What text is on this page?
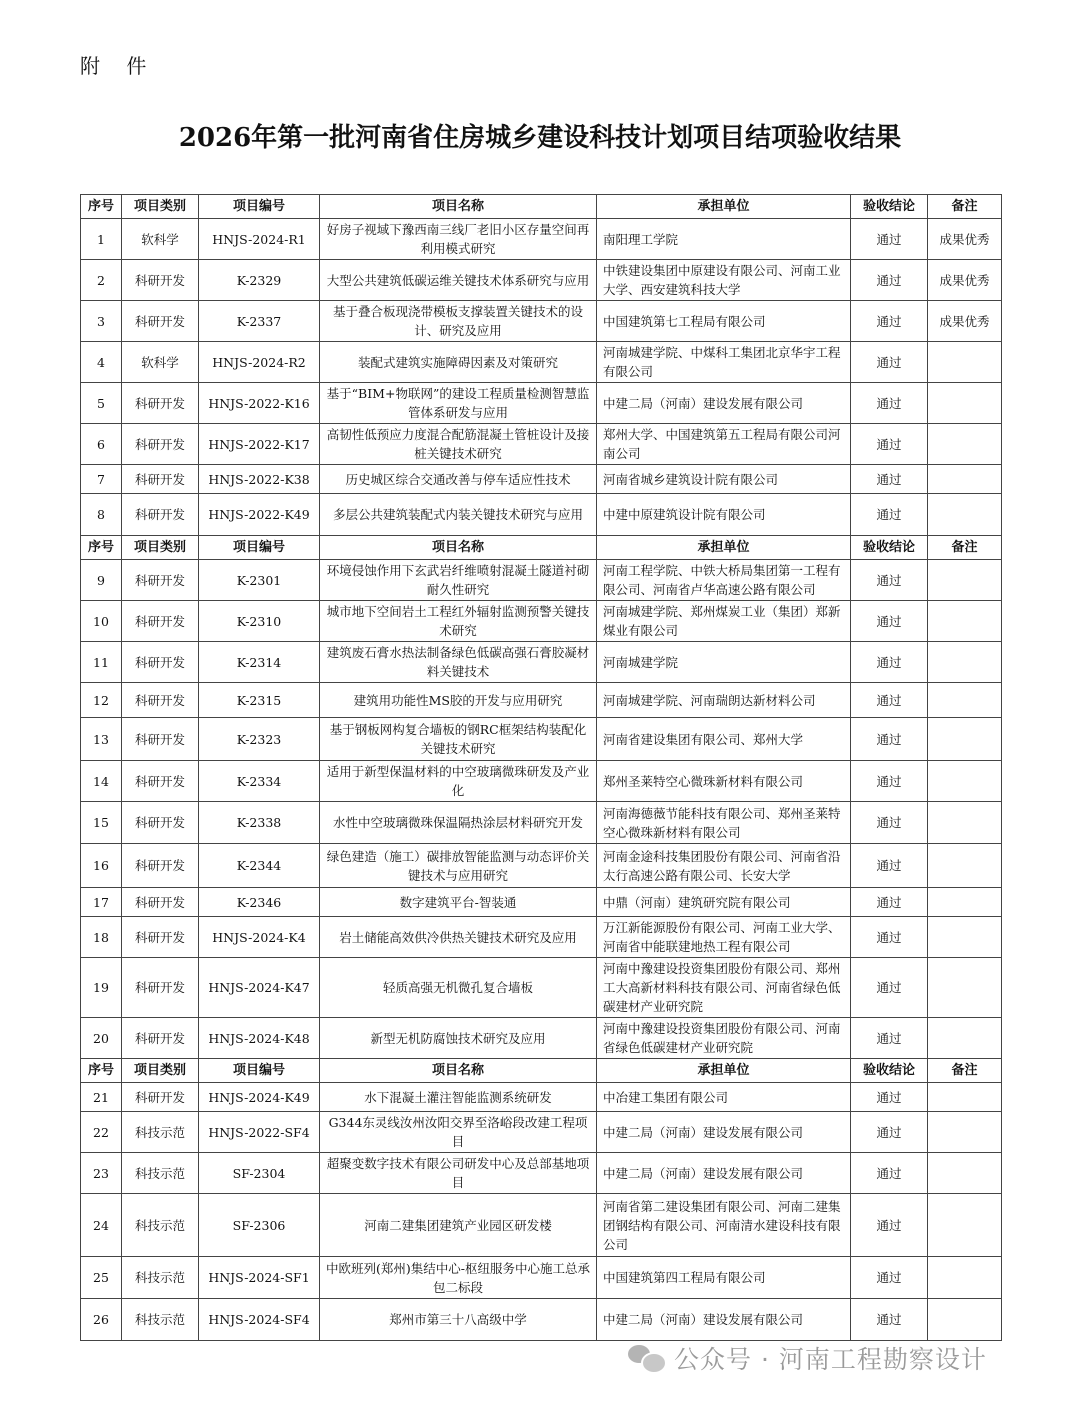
附 件
2026年第一批河南省住房城乡建设科技计划项目结项验收结果
序号	项目类别	项目编号	项目名称	承担单位	验收结论	备注
1	软科学	HNJS-2024-R1	好房子视域下豫西南三线厂老旧小区存量空间再利用模式研究	南阳理工学院	通过	成果优秀
2	科研开发	K-2329	大型公共建筑低碳运维关键技术体系研究与应用	中铁建设集团中原建设有限公司、河南工业大学、西安建筑科技大学	通过	成果优秀
3	科研开发	K-2337	基于叠合板现浇带模板支撑装置关键技术的设计、研究及应用	中国建筑第七工程局有限公司	通过	成果优秀
4	软科学	HNJS-2024-R2	装配式建筑实施障碍因素及对策研究	河南城建学院、中煤科工集团北京华宇工程有限公司	通过	
5	科研开发	HNJS-2022-K16	基于“BIM+物联网”的建设工程质量检测智慧监管体系研发与应用	中建二局（河南）建设发展有限公司	通过	
6	科研开发	HNJS-2022-K17	高韧性低预应力度混合配筋混凝土管桩设计及接桩关键技术研究	郑州大学、中国建筑第五工程局有限公司河南公司	通过	
7	科研开发	HNJS-2022-K38	历史城区综合交通改善与停车适应性技术	河南省城乡建筑设计院有限公司	通过	
8	科研开发	HNJS-2022-K49	多层公共建筑装配式内装关键技术研究与应用	中建中原建筑设计院有限公司	通过	
序号	项目类别	项目编号	项目名称	承担单位	验收结论	备注
9	科研开发	K-2301	环境侵蚀作用下玄武岩纤维喷射混凝土隧道衬砌耐久性研究	河南工程学院、中铁大桥局集团第一工程有限公司、河南省卢华高速公路有限公司	通过	
10	科研开发	K-2310	城市地下空间岩土工程红外辐射监测预警关键技术研究	河南城建学院、郑州煤炭工业（集团）郑新煤业有限公司	通过	
11	科研开发	K-2314	建筑废石膏水热法制备绿色低碳高强石膏胶凝材料关键技术	河南城建学院	通过	
12	科研开发	K-2315	建筑用功能性MS胶的开发与应用研究	河南城建学院、河南瑞朗达新材料公司	通过	
13	科研开发	K-2323	基于钢板网构复合墙板的钢RC框架结构装配化关键技术研究	河南省建设集团有限公司、郑州大学	通过	
14	科研开发	K-2334	适用于新型保温材料的中空玻璃微珠研发及产业化	郑州圣莱特空心微珠新材料有限公司	通过	
15	科研开发	K-2338	水性中空玻璃微珠保温隔热涂层材料研究开发	河南海德薇节能科技有限公司、郑州圣莱特空心微珠新材料有限公司	通过	
16	科研开发	K-2344	绿色建造（施工）碳排放智能监测与动态评价关键技术与应用研究	河南金途科技集团股份有限公司、河南省沿太行高速公路有限公司、长安大学	通过	
17	科研开发	K-2346	数字建筑平台-智装通	中鼎（河南）建筑研究院有限公司	通过	
18	科研开发	HNJS-2024-K4	岩土储能高效供冷供热关键技术研究及应用	万江新能源股份有限公司、河南工业大学、河南省中能联建地热工程有限公司	通过	
19	科研开发	HNJS-2024-K47	轻质高强无机微孔复合墙板	河南中豫建设投资集团股份有限公司、郑州工大高新材料科技有限公司、河南省绿色低碳建材产业研究院	通过	
20	科研开发	HNJS-2024-K48	新型无机防腐蚀技术研究及应用	河南中豫建设投资集团股份有限公司、河南省绿色低碳建材产业研究院	通过	
序号	项目类别	项目编号	项目名称	承担单位	验收结论	备注
21	科研开发	HNJS-2024-K49	水下混凝土灌注智能监测系统研发	中冶建工集团有限公司	通过	
22	科技示范	HNJS-2022-SF4	G344东灵线汝州汝阳交界至洛峪段改建工程项目	中建二局（河南）建设发展有限公司	通过	
23	科技示范	SF-2304	超聚变数字技术有限公司研发中心及总部基地项目	中建二局（河南）建设发展有限公司	通过	
24	科技示范	SF-2306	河南二建集团建筑产业园区研发楼	河南省第二建设集团有限公司、河南二建集团钢结构有限公司、河南清水建设科技有限公司	通过	
25	科技示范	HNJS-2024-SF1	中欧班列(郑州)集结中心-枢纽服务中心施工总承包二标段	中国建筑第四工程局有限公司	通过	
26	科技示范	HNJS-2024-SF4	郑州市第三十八高级中学	中建二局（河南）建设发展有限公司	通过	
公众号 · 河南工程勘察设计
